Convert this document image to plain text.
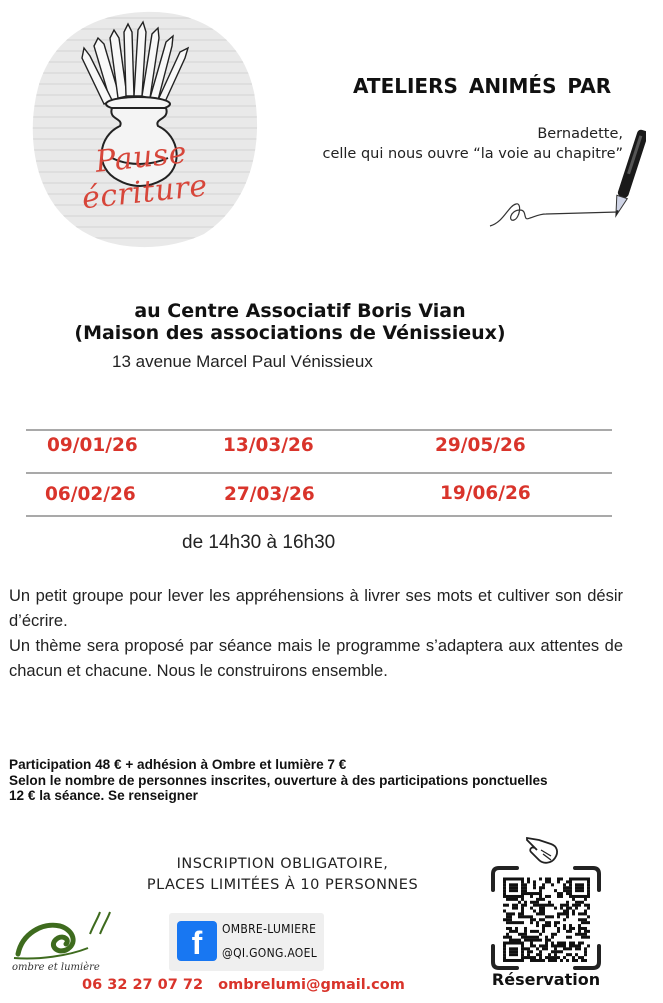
Pause écriture
ATELIERS ANIMÉS PAR
Bernadette,
celle qui nous ouvre “la voie au chapitre”
au Centre Associatif Boris Vian
(Maison des associations de Vénissieux)
13 avenue Marcel Paul Vénissieux
09/01/26	13/03/26	29/05/26
06/02/26	27/03/26	19/06/26
de 14h30 à 16h30

Un petit groupe pour lever les appréhensions à livrer ses mots et cultiver son désir d’écrire.

Un thème sera proposé par séance mais le programme s’adaptera aux attentes de chacun et chacune. Nous le construirons ensemble.

Participation 48 € + adhésion à Ombre et lumière 7 €
Selon le nombre de personnes inscrites, ouverture à des participations ponctuelles
12 € la séance. Se renseigner
INSCRIPTION OBLIGATOIRE,
PLACES LIMITÉES À 10 PERSONNES
ombre et lumière
f	OMBRE-LUMIERE
@QI.GONG.AOEL
06 32 27 07 72 ombrelumi@gmail.com	Réservation
